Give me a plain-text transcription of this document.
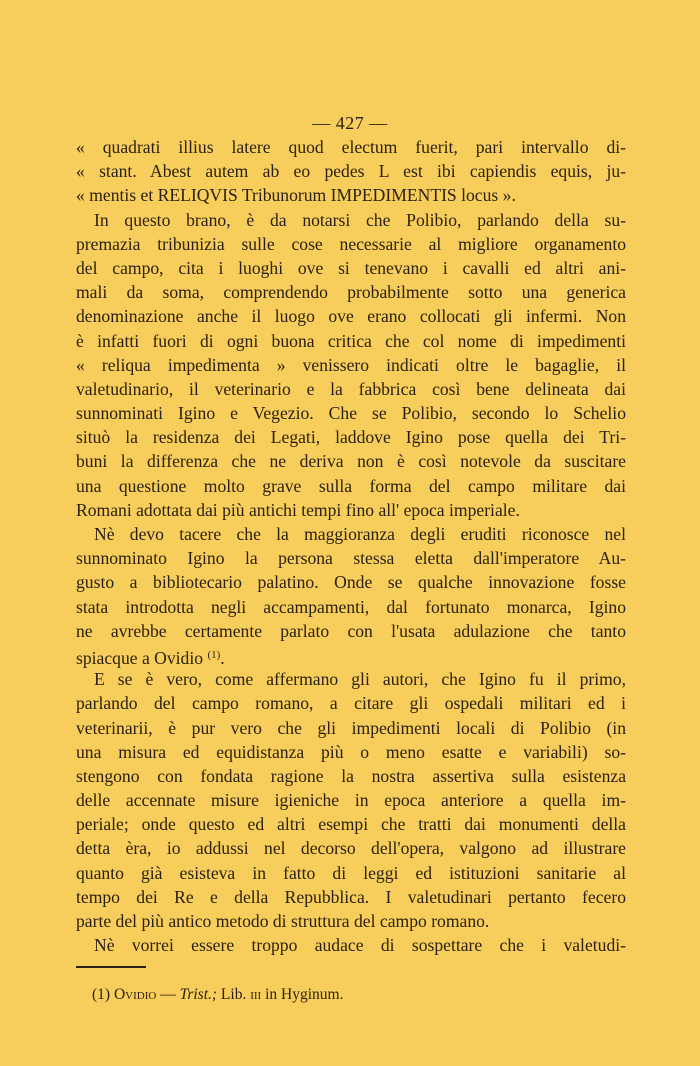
— 427 —
« quadrati illius latere quod electum fuerit, pari intervallo di-
« stant. Abest autem ab eo pedes L est ibi capiendis equis, ju-
« mentis et RELIQVIS Tribunorum IMPEDIMENTIS locus ».
In questo brano, è da notarsi che Polibio, parlando della su-
premazia tribunizia sulle cose necessarie al migliore organamento
del campo, cita i luoghi ove si tenevano i cavalli ed altri ani-
mali da soma, comprendendo probabilmente sotto una generica
denominazione anche il luogo ove erano collocati gli infermi. Non
è infatti fuori di ogni buona critica che col nome di impedimenti
« reliqua impedimenta » venissero indicati oltre le bagaglie, il
valetudinario, il veterinario e la fabbrica così bene delineata dai
sunnominati Igino e Vegezio. Che se Polibio, secondo lo Schelio
situò la residenza dei Legati, laddove Igino pose quella dei Tri-
buni la differenza che ne deriva non è così notevole da suscitare
una questione molto grave sulla forma del campo militare dai
Romani adottata dai più antichi tempi fino all' epoca imperiale.
Nè devo tacere che la maggioranza degli eruditi riconosce nel
sunnominato Igino la persona stessa eletta dall'imperatore Au-
gusto a bibliotecario palatino. Onde se qualche innovazione fosse
stata introdotta negli accampamenti, dal fortunato monarca, Igino
ne avrebbe certamente parlato con l'usata adulazione che tanto
spiacque a Ovidio $^{(1)}$.
E se è vero, come affermano gli autori, che Igino fu il primo,
parlando del campo romano, a citare gli ospedali militari ed i
veterinarii, è pur vero che gli impedimenti locali di Polibio (in
una misura ed equidistanza più o meno esatte e variabili) so-
stengono con fondata ragione la nostra assertiva sulla esistenza
delle accennate misure igieniche in epoca anteriore a quella im-
periale; onde questo ed altri esempi che tratti dai monumenti della
detta èra, io addussi nel decorso dell'opera, valgono ad illustrare
quanto già esisteva in fatto di leggi ed istituzioni sanitarie al
tempo dei Re e della Repubblica. I valetudinari pertanto fecero
parte del più antico metodo di struttura del campo romano.
Nè vorrei essere troppo audace di sospettare che i valetudi-
(1) Ovidio — Trist.; Lib. iii in Hyginum.
